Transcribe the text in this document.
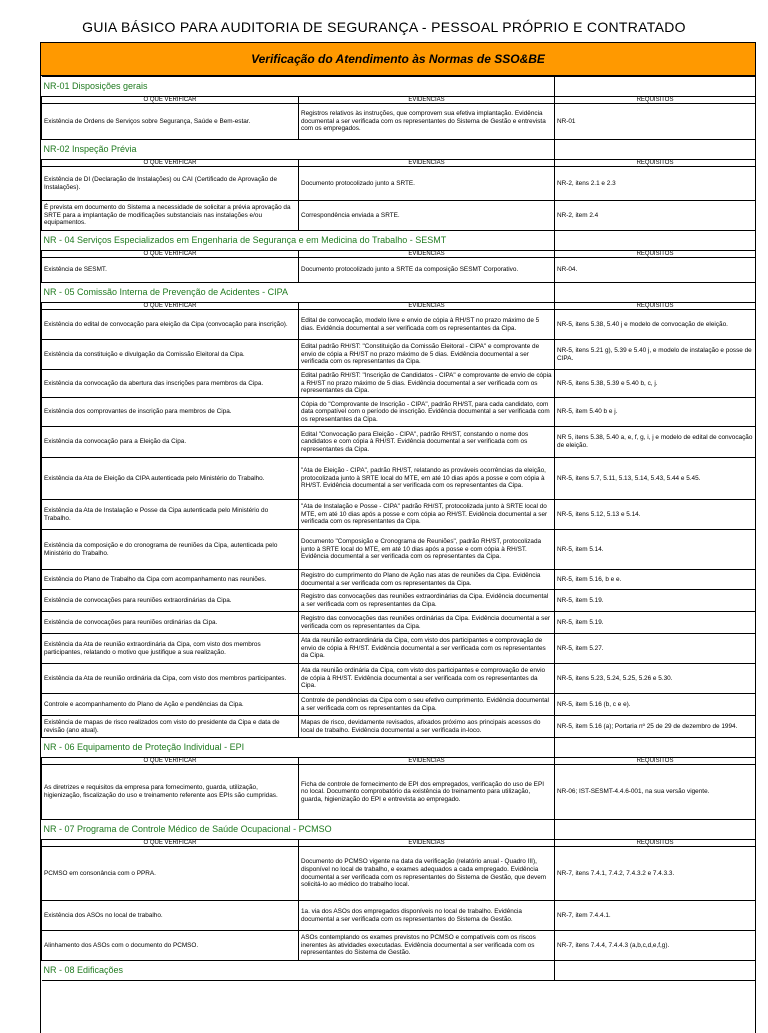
GUIA BÁSICO PARA AUDITORIA DE SEGURANÇA - PESSOAL PRÓPRIO E CONTRATADO
Verificação do Atendimento às Normas de SSO&BE
NR-01 Disposições gerais		
O QUE VERIFICAR	EVIDÊNCIAS	REQUISITOS
Existência de Ordens de Serviços sobre Segurança, Saúde e Bem-estar.	Registros relativos às instruções, que comprovem sua efetiva implantação. Evidência documental a ser verificada com os representantes do Sistema de Gestão e entrevista com os empregados.	NR-01
NR-02 Inspeção Prévia		
O QUE VERIFICAR	EVIDÊNCIAS	REQUISITOS
Existência de DI (Declaração de Instalações) ou CAI (Certificado de Aprovação de Instalações).	Documento protocolizado junto a SRTE.	NR-2, itens 2.1 e 2.3
É prevista em documento do Sistema a necessidade de solicitar a prévia aprovação da SRTE para a implantação de modificações substanciais nas instalações e/ou equipamentos.	Correspondência enviada a SRTE.	NR-2, item 2.4
NR - 04 Serviços Especializados em Engenharia de Segurança e em Medicina do Trabalho - SESMT		
O QUE VERIFICAR	EVIDÊNCIAS	REQUISITOS
Existência de SESMT.	Documento protocolizado junto a SRTE da composição SESMT Corporativo.	NR-04.
NR - 05 Comissão Interna de Prevenção de Acidentes - CIPA		
O QUE VERIFICAR	EVIDÊNCIAS	REQUISITOS
Existência do edital de convocação para eleição da Cipa (convocação para inscrição).	Edital de convocação, modelo livre e envio de cópia à RH/ST no prazo máximo de 5 dias. Evidência documental a ser verificada com os representantes da Cipa.	NR-5, itens 5.38, 5.40 j e modelo de convocação de eleição.
Existência da constituição e divulgação da Comissão Eleitoral da Cipa.	Edital padrão RH/ST: "Constituição da Comissão Eleitoral - CIPA" e comprovante de envio de cópia a RH/ST no prazo máximo de 5 dias. Evidência documental a ser verificada com os representantes da Cipa.	NR-5, itens 5.21 g), 5.39 e 5.40 j, e modelo de instalação e posse de CIPA.
Existência da convocação da abertura das inscrições para membros da Cipa.	Edital padrão RH/ST: "Inscrição de Candidatos - CIPA" e comprovante de envio de cópia a RH/ST no prazo máximo de 5 dias. Evidência documental a ser verificada com os representantes da Cipa.	NR-5, itens 5.38, 5.39 e 5.40 b, c, j.
Existência dos comprovantes de inscrição para membros de Cipa.	Cópia do "Comprovante de Inscrição - CIPA", padrão RH/ST, para cada candidato, com data compatível com o período de inscrição. Evidência documental a ser verificada com os representantes da Cipa.	NR-5, item 5.40 b e j.
Existência da convocação para a Eleição da Cipa.	Edital "Convocação para Eleição - CIPA", padrão RH/ST, constando o nome dos candidatos e com cópia à RH/ST. Evidência documental a ser verificada com os representantes da Cipa.	NR 5, itens 5.38, 5.40 a, e, f, g, i, j e modelo de edital de convocação de eleição.
Existência da Ata de Eleição da CIPA autenticada pelo Ministério do Trabalho.	"Ata de Eleição - CIPA", padrão RH/ST, relatando as prováveis ocorrências da eleição, protocolizada junto à SRTE local do MTE, em até 10 dias após a posse e com cópia à RH/ST. Evidência documental a ser verificada com os representantes da Cipa.	NR-5, itens 5.7, 5.11, 5.13, 5.14, 5.43, 5.44 e 5.45.
Existência da Ata de Instalação e Posse da Cipa autenticada pelo Ministério do Trabalho.	"Ata de Instalação e Posse - CIPA" padrão RH/ST, protocolizada junto à SRTE local do MTE, em até 10 dias após a posse e com cópia ao RH/ST. Evidência documental a ser verificada com os representantes da Cipa.	NR-5, itens 5.12, 5.13 e 5.14.
Existência da composição e do cronograma de reuniões da Cipa, autenticada pelo Ministério do Trabalho.	Documento "Composição e Cronograma de Reuniões", padrão RH/ST, protocolizada junto à SRTE local do MTE, em até 10 dias após a posse e com cópia à RH/ST. Evidência documental a ser verificada com os representantes da Cipa.	NR-5, item 5.14.
Existência do Plano de Trabalho da Cipa com acompanhamento nas reuniões.	Registro do cumprimento do Plano de Ação nas atas de reuniões da Cipa. Evidência documental a ser verificada com os representantes da Cipa.	NR-5, item 5.16, b e e.
Existência de convocações para reuniões extraordinárias da Cipa.	Registro das convocações das reuniões extraordinárias da Cipa. Evidência documental a ser verificada com os representantes da Cipa.	NR-5, item 5.19.
Existência de convocações para reuniões ordinárias da Cipa.	Registro das convocações das reuniões ordinárias da Cipa. Evidência documental a ser verificada com os representantes da Cipa.	NR-5, item 5.19.
Existência da Ata de reunião extraordinária da Cipa, com visto dos membros participantes, relatando o motivo que justifique a sua realização.	Ata da reunião extraordinária da Cipa, com visto dos participantes e comprovação de envio de cópia à RH/ST. Evidência documental a ser verificada com os representantes da Cipa.	NR-5, item 5.27.
Existência da Ata de reunião ordinária da Cipa, com visto dos membros participantes.	Ata da reunião ordinária da Cipa, com visto dos participantes e comprovação de envio de cópia à RH/ST. Evidência documental a ser verificada com os representantes da Cipa.	NR-5, itens 5.23, 5.24, 5.25, 5.26 e 5.30.
Controle e acompanhamento do Plano de Ação e pendências da Cipa.	Controle de pendências da Cipa com o seu efetivo cumprimento. Evidência documental a ser verificada com os representantes da Cipa.	NR-5, item 5.16 (b, c e e).
Existência de mapas de risco realizados com visto do presidente da Cipa e data de revisão (ano atual).	Mapas de risco, devidamente revisados, afixados próximo aos principais acessos do local de trabalho. Evidência documental a ser verificada in-loco.	NR-5, item 5.16 (a); Portaria nº 25 de 29 de dezembro de 1994.
NR - 06 Equipamento de Proteção Individual - EPI		
O QUE VERIFICAR	EVIDÊNCIAS	REQUISITOS
As diretrizes e requisitos da empresa para fornecimento, guarda, utilização, higienização, fiscalização do uso e treinamento referente aos EPIs são cumpridas.	Ficha de controle de fornecimento de EPI dos empregados, verificação do uso de EPI no local. Documento comprobatório da existência do treinamento para utilização, guarda, higienização do EPI e entrevista ao empregado.	NR-06; IST-SESMT-4.4.6-001, na sua versão vigente.
NR - 07 Programa de Controle Médico de Saúde Ocupacional - PCMSO		
O QUE VERIFICAR	EVIDÊNCIAS	REQUISITOS
PCMSO em consonância com o PPRA.	Documento do PCMSO vigente na data da verificação (relatório anual - Quadro III), disponível no local de trabalho, e exames adequados a cada empregado. Evidência documental a ser verificada com os representantes do Sistema de Gestão, que devem solicitá-lo ao médico do trabalho local.	NR-7, itens 7.4.1, 7.4.2, 7.4.3.2 e 7.4.3.3.
Existência dos ASOs no local de trabalho.	1a. via dos ASOs dos empregados disponíveis no local de trabalho. Evidência documental a ser verificada com os representantes do Sistema de Gestão.	NR-7, item 7.4.4.1.
Alinhamento dos ASOs com o documento do PCMSO.	ASOs contemplando os exames previstos no PCMSO e compatíveis com os riscos inerentes às atividades executadas. Evidência documental a ser verificada com os representantes do Sistema de Gestão.	NR-7, itens 7.4.4, 7.4.4.3 (a,b,c,d,e,f,g).
NR - 08 Edificações		
